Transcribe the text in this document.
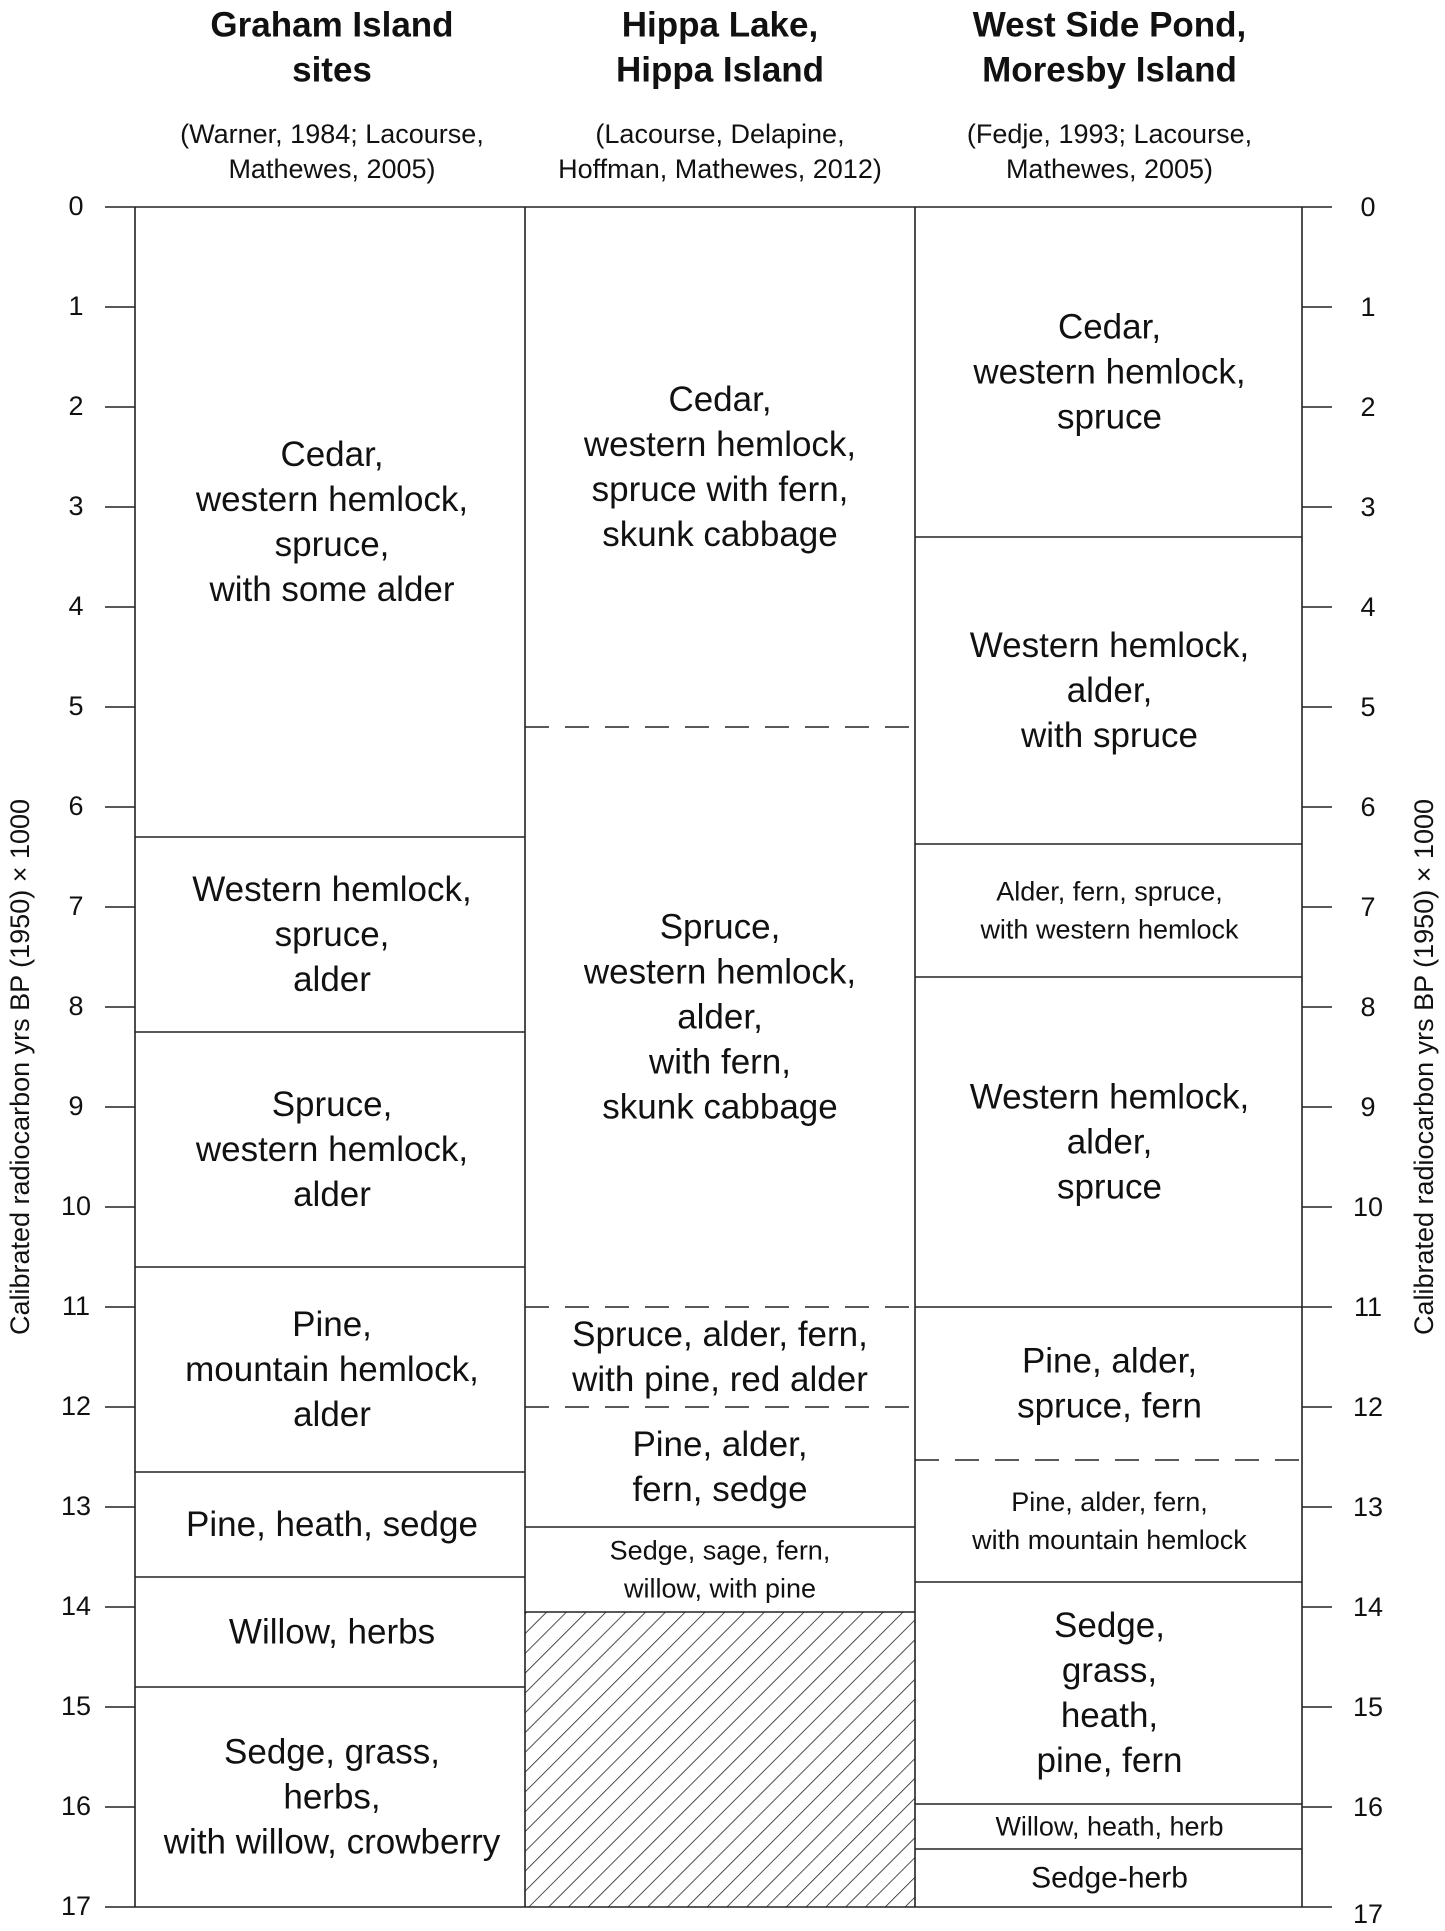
0	0
1	1
2	2
3	3
4	4
5	5
6	6
7	7
8	8
9	9
10	10
11	11
12	12
13	13
14	14
15	15
16	16
17	17
Calibrated radiocarbon yrs BP (1950) × 1000	Calibrated radiocarbon yrs BP (1950) × 1000
Graham Island
sites
(Warner, 1984; Lacourse,
Mathewes, 2005)
Cedar,
western hemlock,
spruce,
with some alder
Western hemlock,
spruce,
alder
Spruce,
western hemlock,
alder
Pine,
mountain hemlock,
alder
Pine, heath, sedge
Willow, herbs
Sedge, grass,
herbs,
with willow, crowberry
Hippa Lake,
Hippa Island
(Lacourse, Delapine,
Hoffman, Mathewes, 2012)
Cedar,
western hemlock,
spruce with fern,
skunk cabbage
Spruce,
western hemlock,
alder,
with fern,
skunk cabbage
Spruce, alder, fern,
with pine, red alder
Pine, alder,
fern, sedge
Sedge, sage, fern,
willow, with pine
West Side Pond,
Moresby Island
(Fedje, 1993; Lacourse,
Mathewes, 2005)
Cedar,
western hemlock,
spruce
Western hemlock,
alder,
with spruce
Alder, fern, spruce,
with western hemlock
Western hemlock,
alder,
spruce
Pine, alder,
spruce, fern
Pine, alder, fern,
with mountain hemlock
Sedge,
grass,
heath,
pine, fern
Willow, heath, herb
Sedge-herb
